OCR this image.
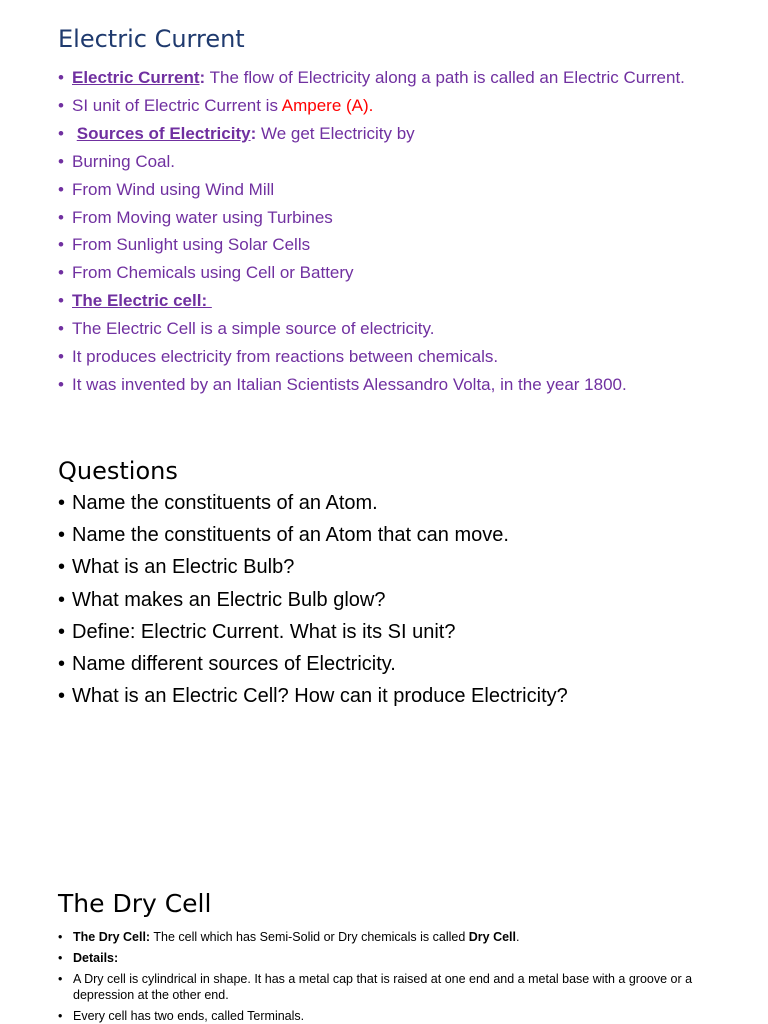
Electric Current
• Electric Current: The flow of Electricity along a path is called an Electric Current.
• SI unit of Electric Current is Ampere (A).
• Sources of Electricity: We get Electricity by
• Burning Coal.
• From Wind using Wind Mill
• From Moving water using Turbines
• From Sunlight using Solar Cells
• From Chemicals using Cell or Battery
• The Electric cell:
• The Electric Cell is a simple source of electricity.
• It produces electricity from reactions between chemicals.
• It was invented by an Italian Scientists Alessandro Volta, in the year 1800.
Questions
• Name the constituents of an Atom.
• Name the constituents of an Atom that can move.
• What is an Electric Bulb?
• What makes an Electric Bulb glow?
• Define: Electric Current. What is its SI unit?
• Name different sources of Electricity.
• What is an Electric Cell? How can it produce Electricity?
The Dry Cell
• The Dry Cell: The cell which has Semi-Solid or Dry chemicals is called Dry Cell.
• Details:
• A Dry cell is cylindrical in shape. It has a metal cap that is raised at one end and a metal base with a groove or a depression at the other end.
• Every cell has two ends, called Terminals.
